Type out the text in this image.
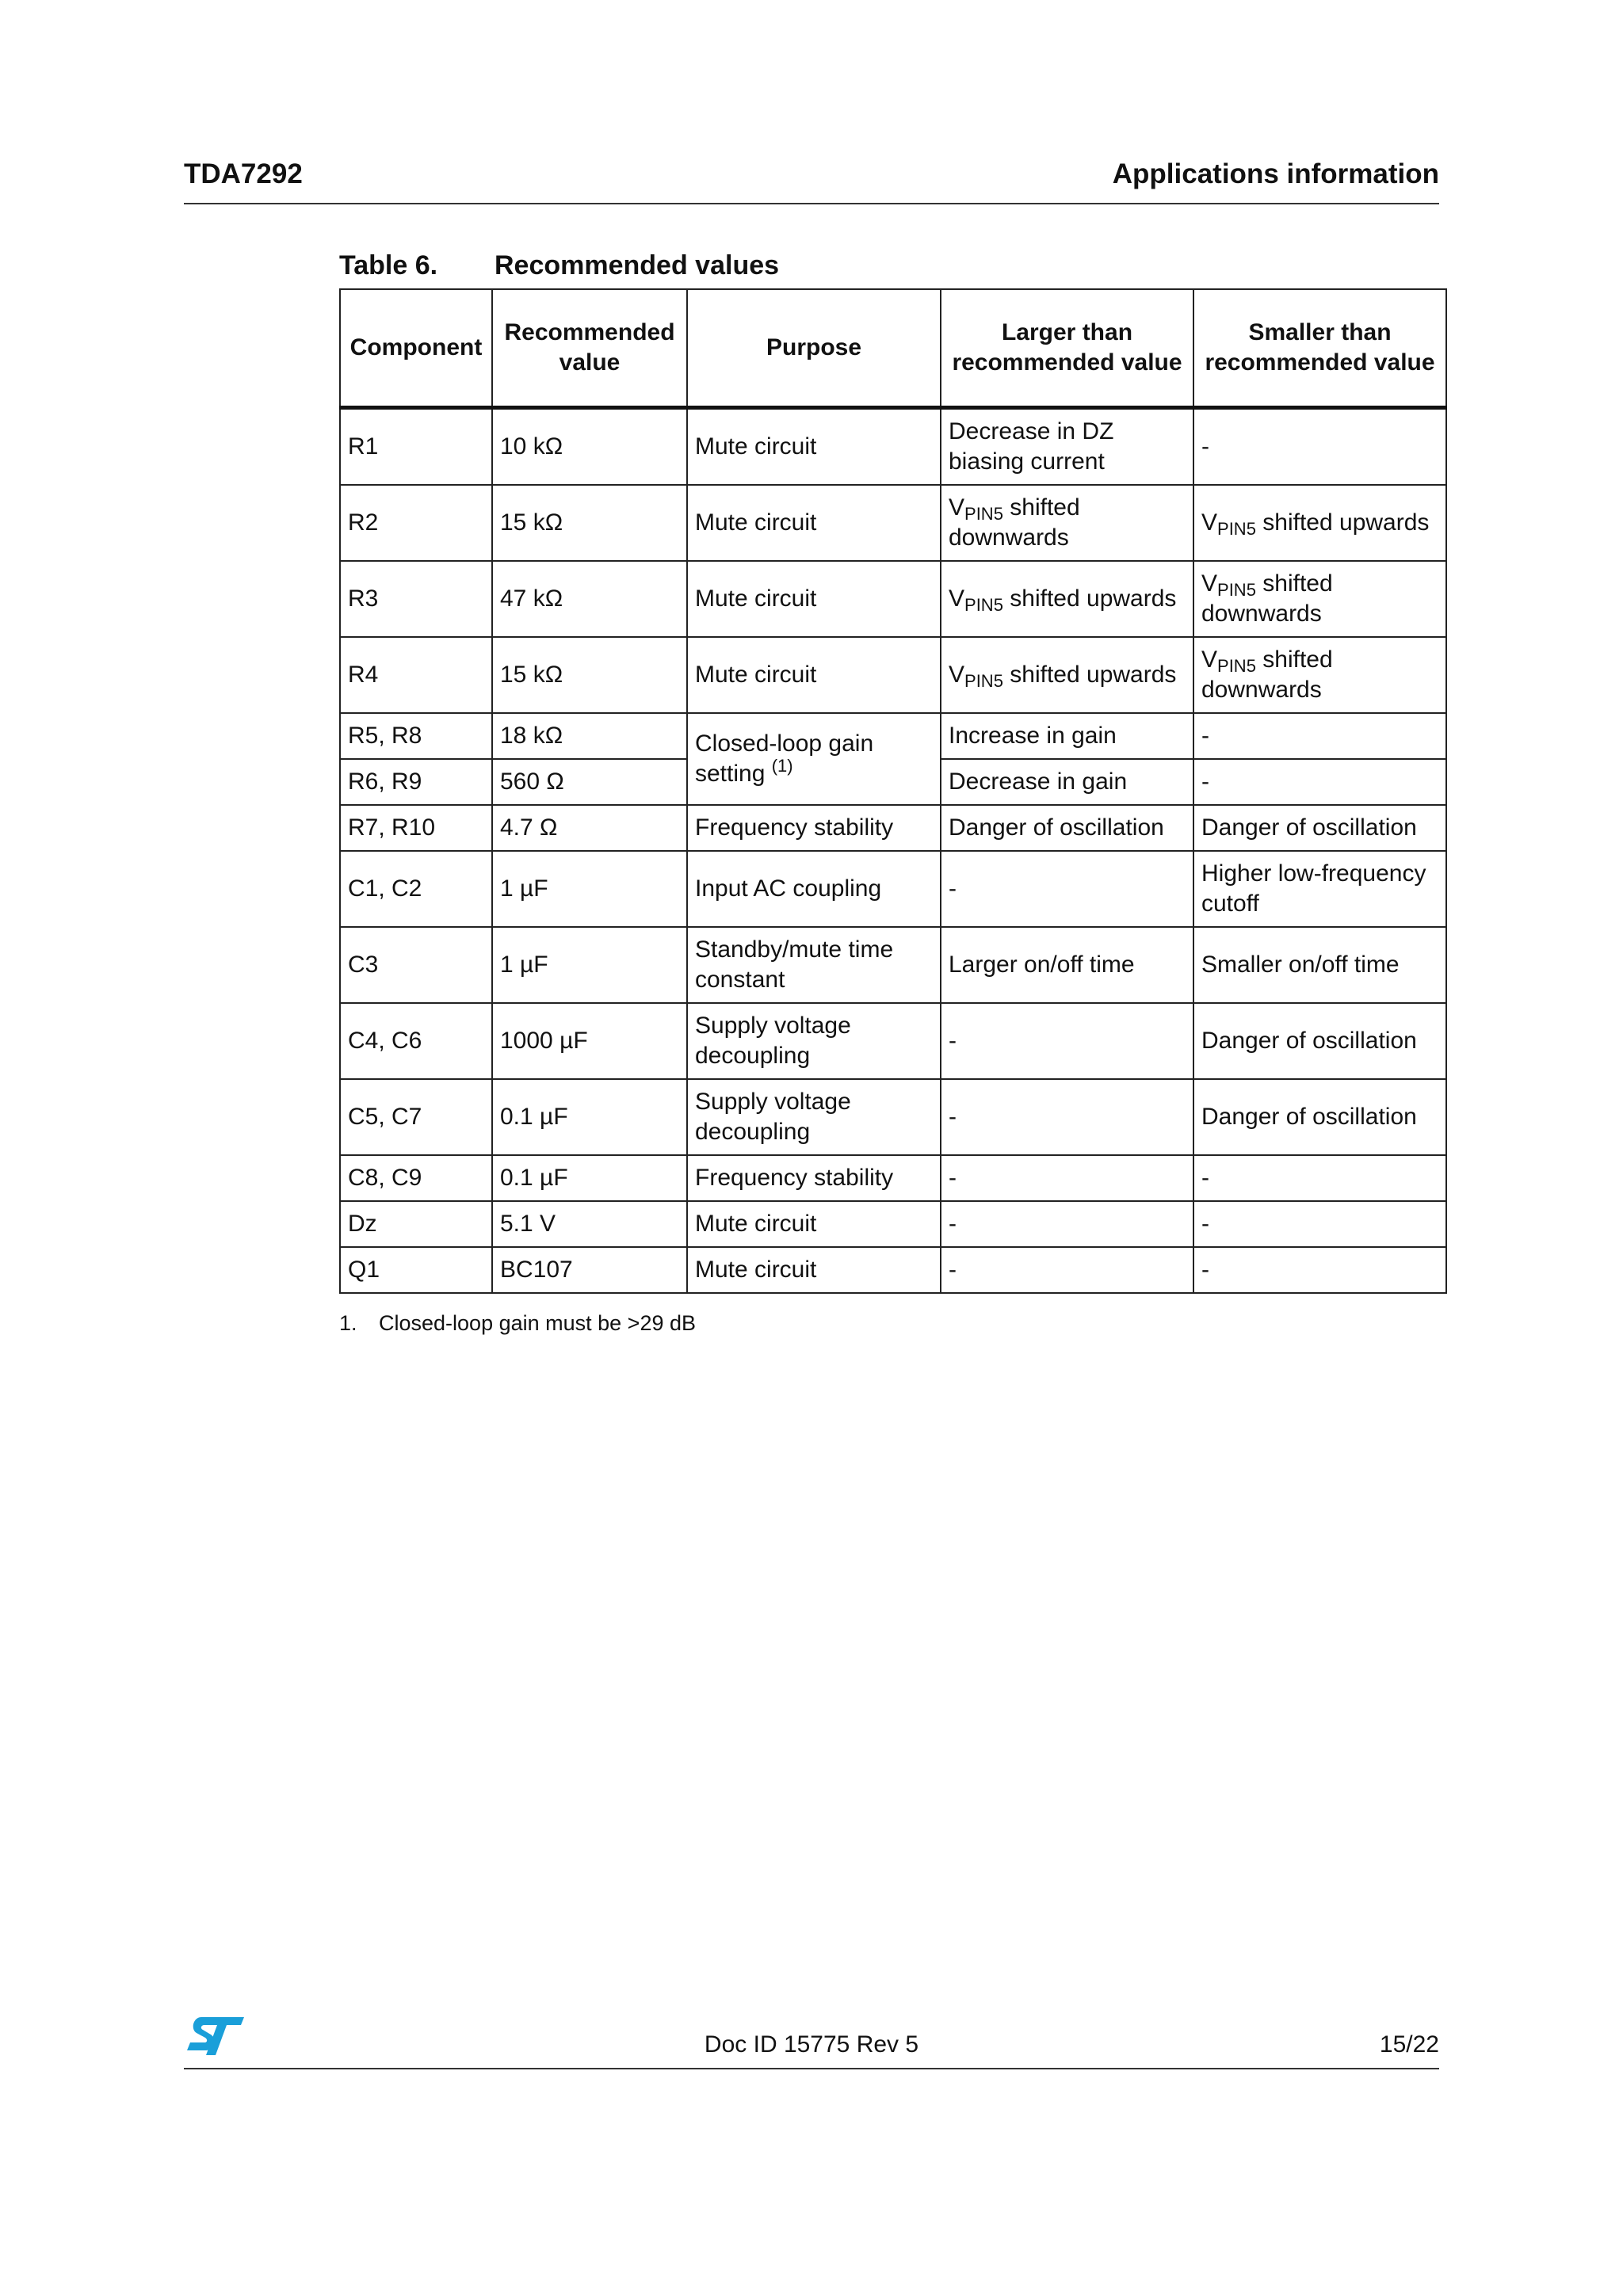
TDA7292	Applications information
Table 6. Recommended values
Component	Recommended value	Purpose	Larger than recommended value	Smaller than recommended value
R1	10 kΩ	Mute circuit	Decrease in DZ biasing current	-
R2	15 kΩ	Mute circuit	$V_{PIN5}$ shifted downwards	$V_{PIN5}$ shifted upwards
R3	47 kΩ	Mute circuit	$V_{PIN5}$ shifted upwards	$V_{PIN5}$ shifted downwards
R4	15 kΩ	Mute circuit	$V_{PIN5}$ shifted upwards	$V_{PIN5}$ shifted downwards
R5, R8	18 kΩ	Closed-loop gain setting $^{(1)}$	Increase in gain	-
R6, R9	560 Ω		Decrease in gain	-
R7, R10	4.7 Ω	Frequency stability	Danger of oscillation	Danger of oscillation
C1, C2	1 µF	Input AC coupling	-	Higher low-frequency cutoff
C3	1 µF	Standby/mute time constant	Larger on/off time	Smaller on/off time
C4, C6	1000 µF	Supply voltage decoupling	-	Danger of oscillation
C5, C7	0.1 µF	Supply voltage decoupling	-	Danger of oscillation
C8, C9	0.1 µF	Frequency stability	-	-
Dz	5.1 V	Mute circuit	-	-
Q1	BC107	Mute circuit	-	-
1. Closed-loop gain must be >29 dB
Doc ID 15775 Rev 5	15/22
